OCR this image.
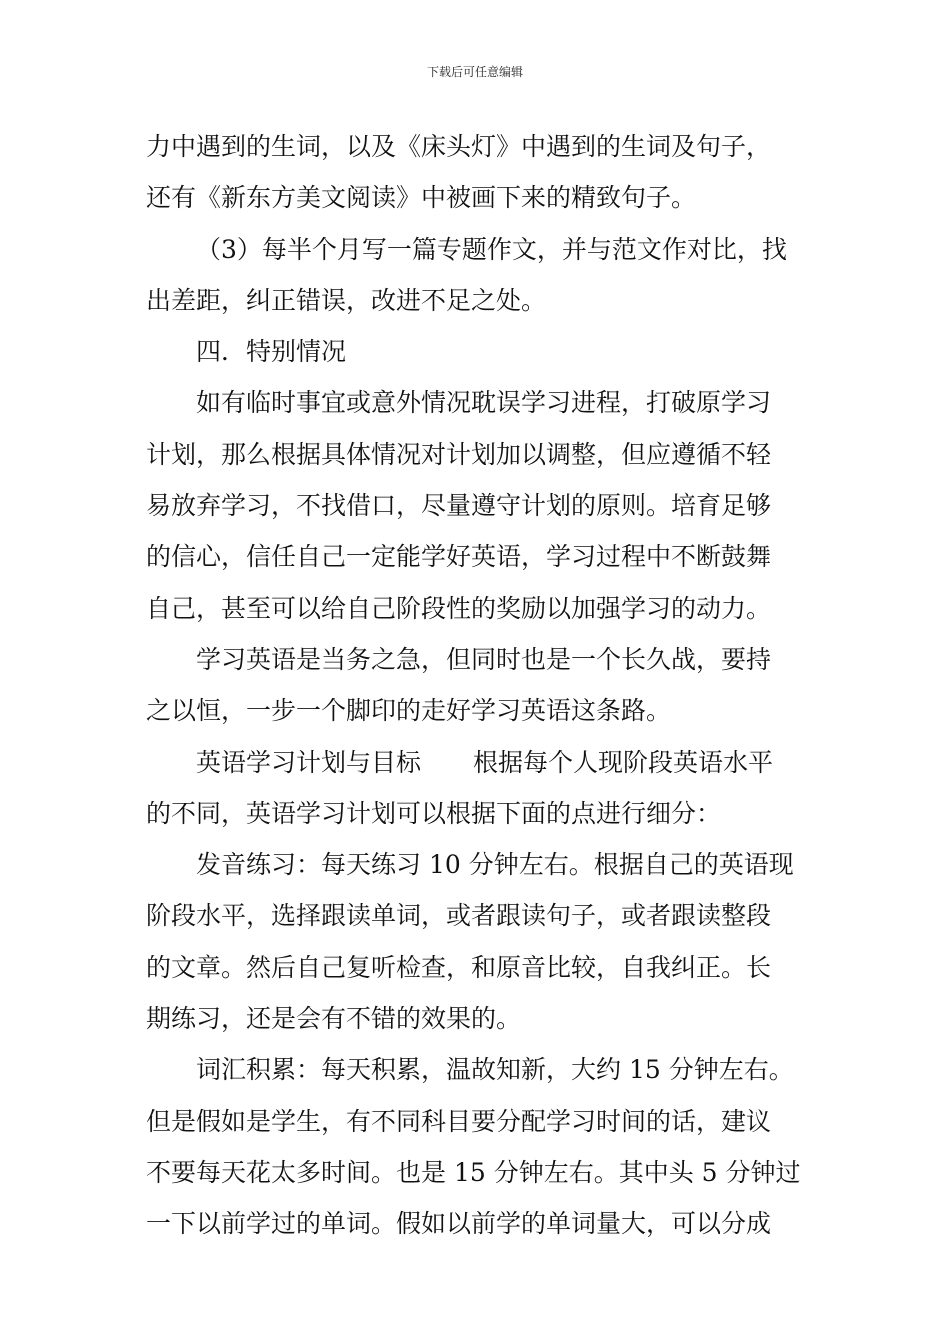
下载后可任意编辑
力中遇到的生词，以及《床头灯》中遇到的生词及句子，
还有《新东方美文阅读》中被画下来的精致句子。
（3）每半个月写一篇专题作文，并与范文作对比，找
出差距，纠正错误，改进不足之处。
四．特别情况
如有临时事宜或意外情况耽误学习进程，打破原学习
计划，那么根据具体情况对计划加以调整，但应遵循不轻
易放弃学习，不找借口，尽量遵守计划的原则。培育足够
的信心，信任自己一定能学好英语，学习过程中不断鼓舞
自己，甚至可以给自己阶段性的奖励以加强学习的动力。
学习英语是当务之急，但同时也是一个长久战，要持
之以恒，一步一个脚印的走好学习英语这条路。
英语学习计划与目标 根据每个人现阶段英语水平
的不同，英语学习计划可以根据下面的点进行细分：
发音练习：每天练习 10 分钟左右。根据自己的英语现
阶段水平，选择跟读单词，或者跟读句子，或者跟读整段
的文章。然后自己复听检查，和原音比较，自我纠正。长
期练习，还是会有不错的效果的。
词汇积累：每天积累，温故知新，大约 15 分钟左右。
但是假如是学生，有不同科目要分配学习时间的话，建议
不要每天花太多时间。也是 15 分钟左右。其中头 5 分钟过
一下以前学过的单词。假如以前学的单词量大，可以分成
